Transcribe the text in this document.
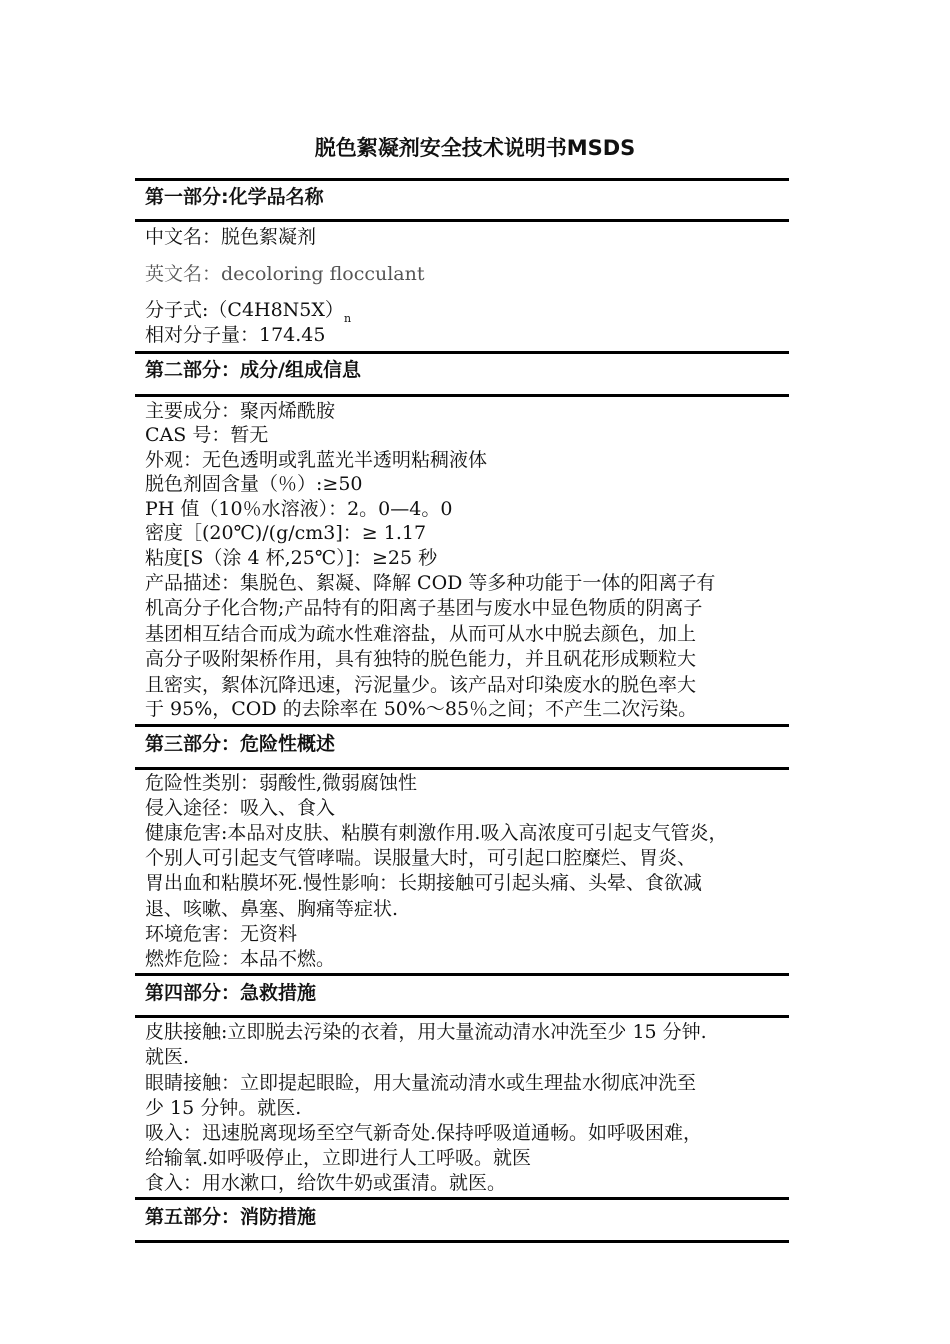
脱色絮凝剂安全技术说明书MSDS
第一部分:化学品名称
中文名：脱色絮凝剂
英文名：decoloring flocculant
分子式$:(C4H8N5X)_n$
相对分子量：174.45
第二部分：成分/组成信息
主要成分：聚丙烯酰胺
CAS 号：暂无
外观：无色透明或乳蓝光半透明粘稠液体
脱色剂固含量（％）:≥50
PH 值（10％水溶液）：2。0—4。0
密度［(20℃)/(g/cm3]：≥ 1.17
粘度[S（涂 4 杯,25℃）]：≥25 秒
产品描述：集脱色、絮凝、降解 COD 等多种功能于一体的阳离子有
机高分子化合物;产品特有的阳离子基团与废水中显色物质的阴离子
基团相互结合而成为疏水性难溶盐，从而可从水中脱去颜色，加上
高分子吸附架桥作用，具有独特的脱色能力，并且矾花形成颗粒大
且密实，絮体沉降迅速，污泥量少。该产品对印染废水的脱色率大
于 95%，COD 的去除率在 50%～85％之间；不产生二次污染。
第三部分：危险性概述
危险性类别：弱酸性,微弱腐蚀性
侵入途径：吸入、食入
健康危害:本品对皮肤、粘膜有刺激作用.吸入高浓度可引起支气管炎，
个别人可引起支气管哮喘。误服量大时，可引起口腔糜烂、胃炎、
胃出血和粘膜坏死.慢性影响：长期接触可引起头痛、头晕、食欲减
退、咳嗽、鼻塞、胸痛等症状.
环境危害：无资料
燃炸危险：本品不燃。
第四部分：急救措施
皮肤接触:立即脱去污染的衣着，用大量流动清水冲洗至少 15 分钟.
就医.
眼睛接触：立即提起眼睑，用大量流动清水或生理盐水彻底冲洗至
少 15 分钟。就医.
吸入：迅速脱离现场至空气新奇处.保持呼吸道通畅。如呼吸困难，
给输氧.如呼吸停止，立即进行人工呼吸。就医
食入：用水漱口，给饮牛奶或蛋清。就医。
第五部分：消防措施
